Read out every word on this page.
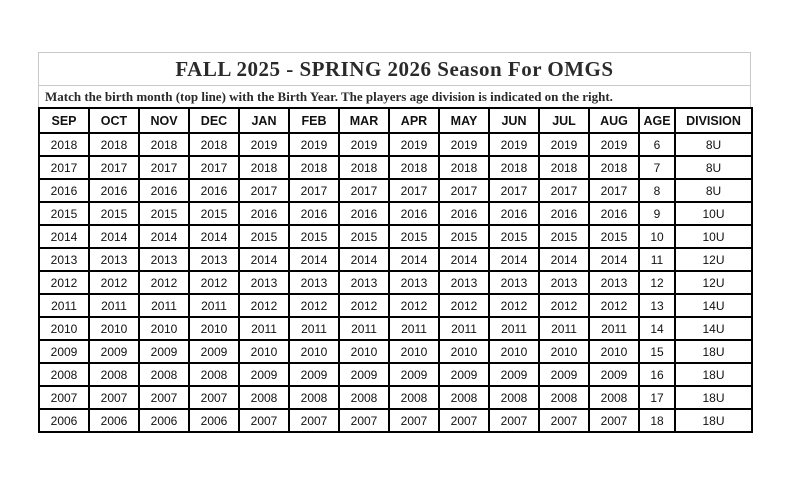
FALL 2025 - SPRING 2026 Season For OMGS
Match the birth month (top line) with the Birth Year. The players age division is indicated on the right.
SEP	OCT	NOV	DEC	JAN	FEB	MAR	APR	MAY	JUN	JUL	AUG	AGE	DIVISION
2018	2018	2018	2018	2019	2019	2019	2019	2019	2019	2019	2019	6	8U
2017	2017	2017	2017	2018	2018	2018	2018	2018	2018	2018	2018	7	8U
2016	2016	2016	2016	2017	2017	2017	2017	2017	2017	2017	2017	8	8U
2015	2015	2015	2015	2016	2016	2016	2016	2016	2016	2016	2016	9	10U
2014	2014	2014	2014	2015	2015	2015	2015	2015	2015	2015	2015	10	10U
2013	2013	2013	2013	2014	2014	2014	2014	2014	2014	2014	2014	11	12U
2012	2012	2012	2012	2013	2013	2013	2013	2013	2013	2013	2013	12	12U
2011	2011	2011	2011	2012	2012	2012	2012	2012	2012	2012	2012	13	14U
2010	2010	2010	2010	2011	2011	2011	2011	2011	2011	2011	2011	14	14U
2009	2009	2009	2009	2010	2010	2010	2010	2010	2010	2010	2010	15	18U
2008	2008	2008	2008	2009	2009	2009	2009	2009	2009	2009	2009	16	18U
2007	2007	2007	2007	2008	2008	2008	2008	2008	2008	2008	2008	17	18U
2006	2006	2006	2006	2007	2007	2007	2007	2007	2007	2007	2007	18	18U
